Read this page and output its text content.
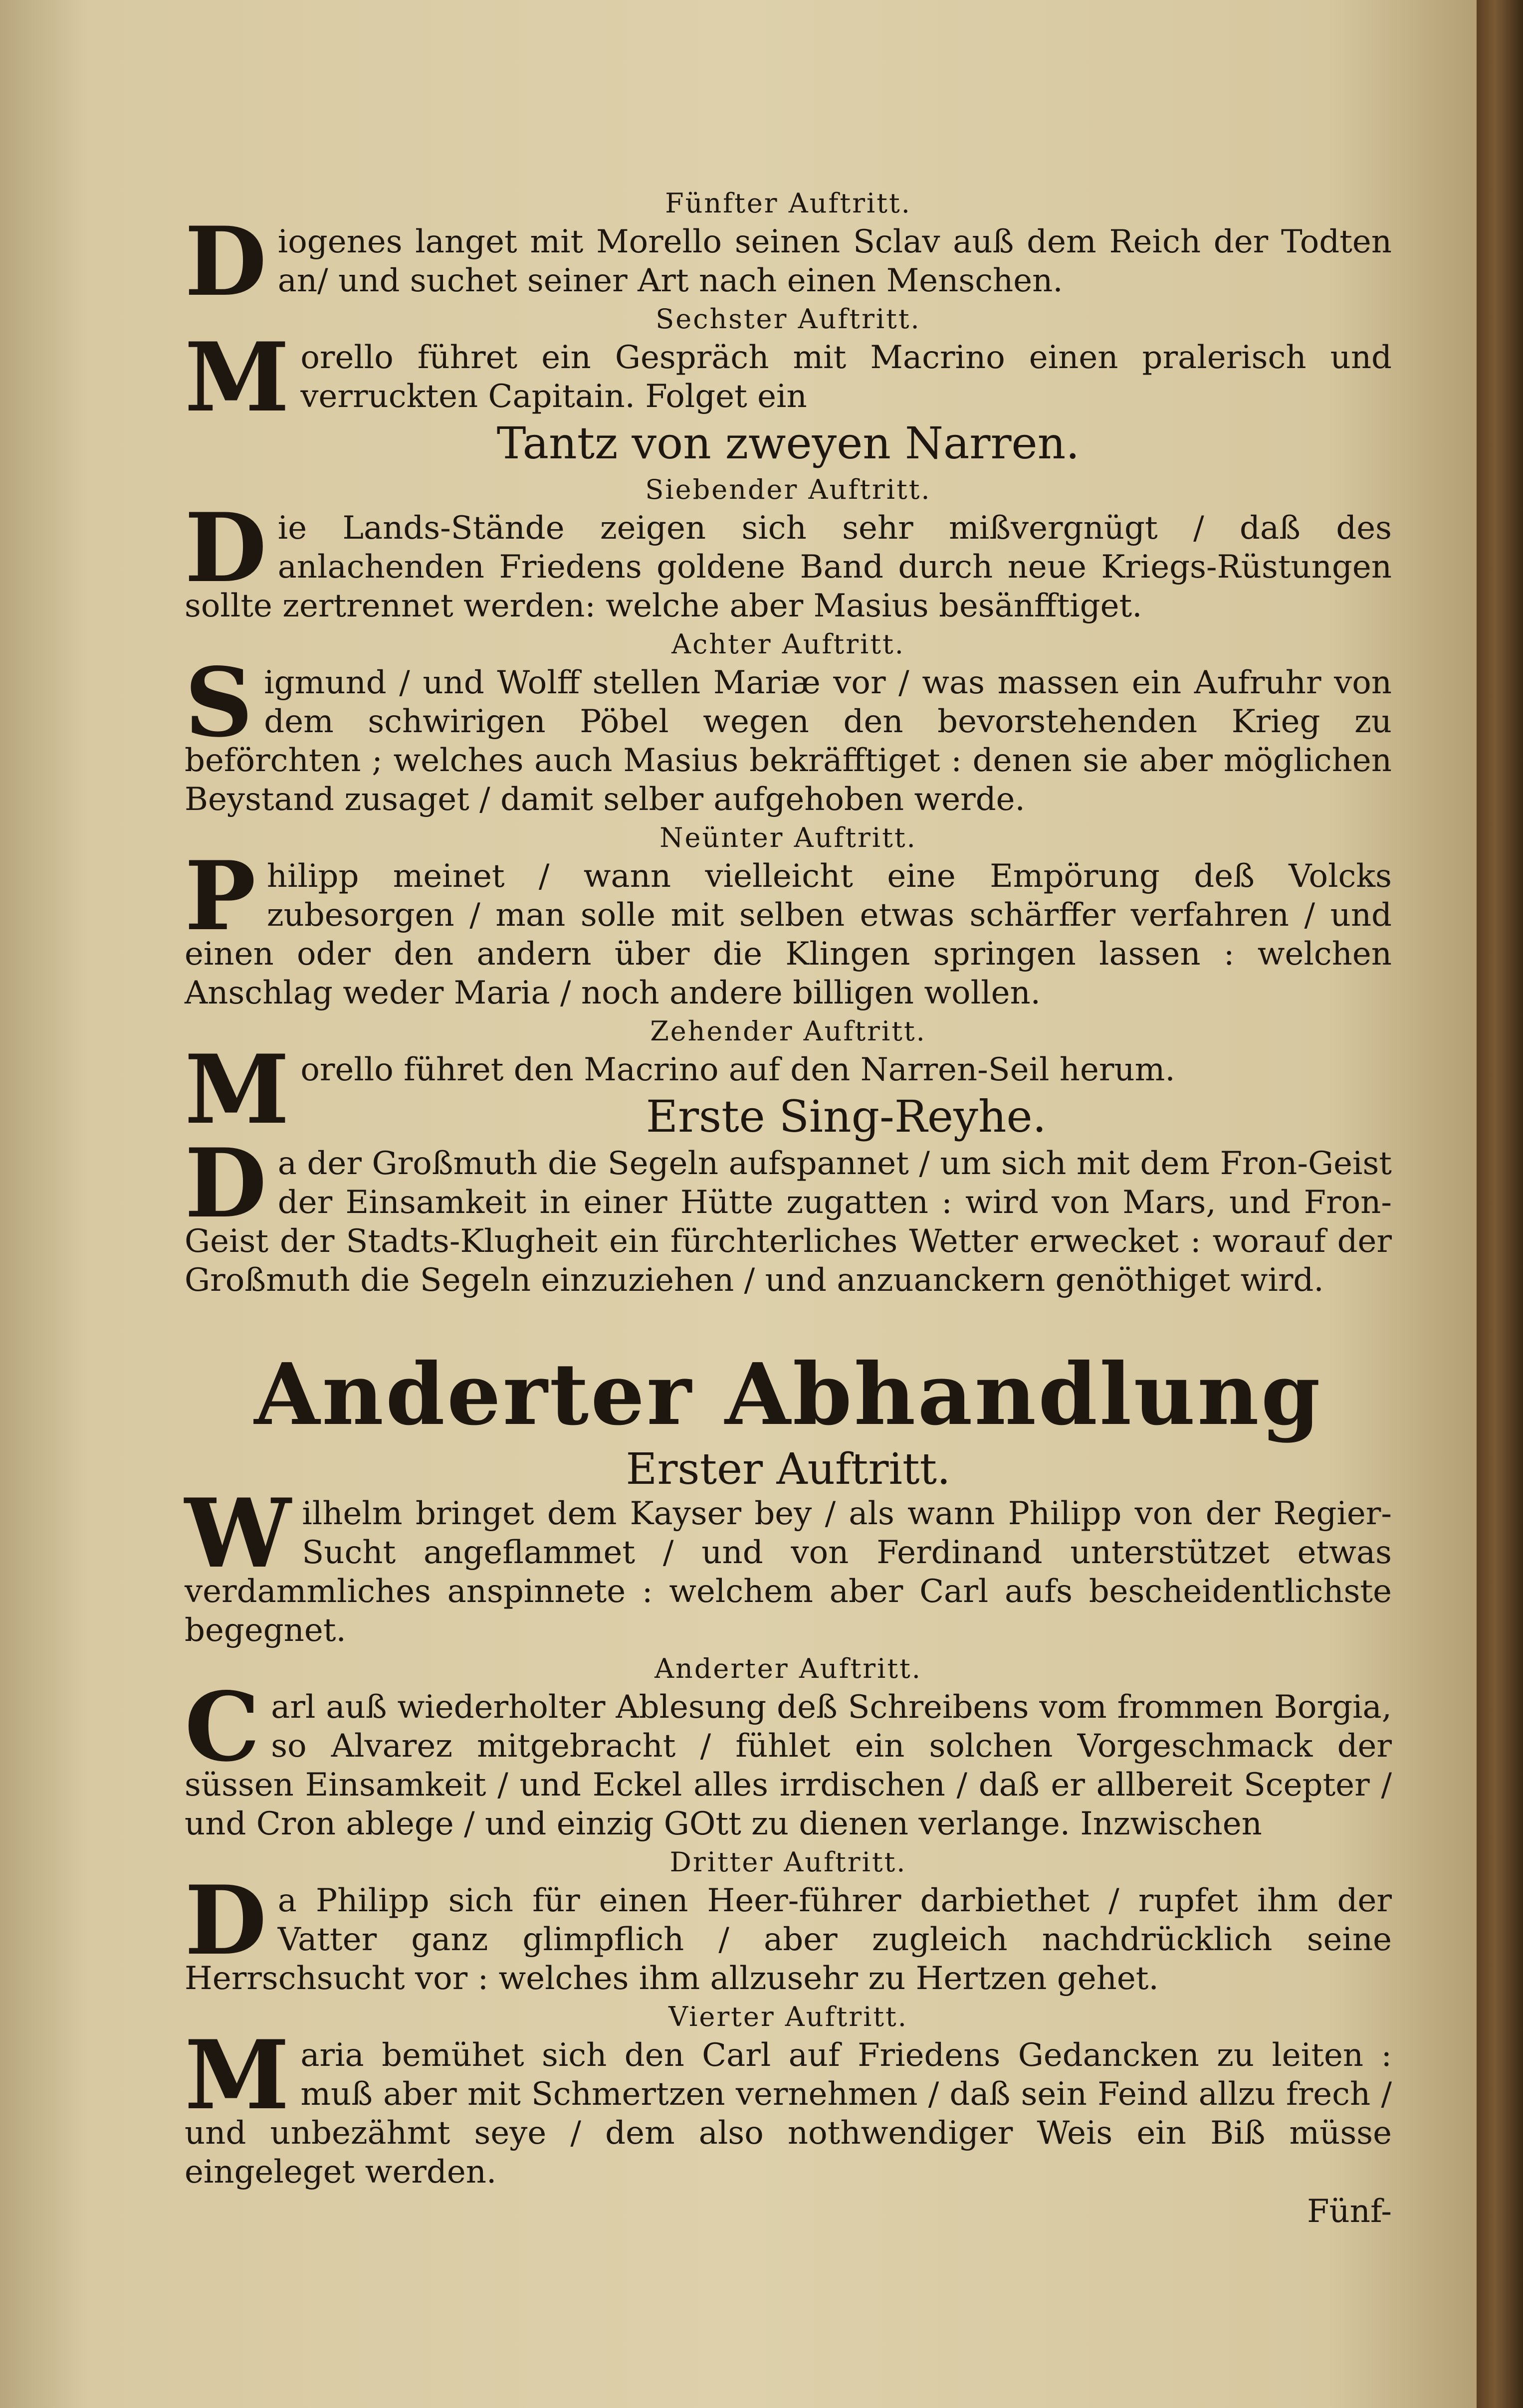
Fünfter Auftritt.
Diogenes langet mit Morello seinen Sclav auß dem Reich der Todten an/ und suchet seiner Art nach einen Menschen.
Sechster Auftritt.
Morello führet ein Gespräch mit Macrino einen pralerisch und verruckten Capitain. Folget ein
Tantz von zweyen Narren.
Siebender Auftritt.
Die Lands-Stände zeigen sich sehr mißvergnügt / daß des anlachenden Friedens goldene Band durch neue Kriegs-Rüstungen sollte zertrennet werden: welche aber Masius besänfftiget.
Achter Auftritt.
Sigmund / und Wolff stellen Mariæ vor / was massen ein Aufruhr von dem schwirigen Pöbel wegen den bevorstehenden Krieg zu beförchten ; welches auch Masius bekräfftiget : denen sie aber möglichen Beystand zusaget / damit selber aufgehoben werde.
Neünter Auftritt.
Philipp meinet / wann vielleicht eine Empörung deß Volcks zubesorgen / man solle mit selben etwas schärffer verfahren / und einen oder den andern über die Klingen springen lassen : welchen Anschlag weder Maria / noch andere billigen wollen.
Zehender Auftritt.
Morello führet den Macrino auf den Narren-Seil herum.
Erste Sing-Reyhe.
Da der Großmuth die Segeln aufspannet / um sich mit dem Fron-Geist der Einsamkeit in einer Hütte zugatten : wird von Mars, und Fron-Geist der Stadts-Klugheit ein fürchterliches Wetter erwecket : worauf der Großmuth die Segeln einzuziehen / und anzuanckern genöthiget wird.
Anderter Abhandlung
Erster Auftritt.
Wilhelm bringet dem Kayser bey / als wann Philipp von der Regier-Sucht angeflammet / und von Ferdinand unterstützet etwas verdammliches anspinnete : welchem aber Carl aufs bescheidentlichste begegnet.
Anderter Auftritt.
Carl auß wiederholter Ablesung deß Schreibens vom frommen Borgia, so Alvarez mitgebracht / fühlet ein solchen Vorgeschmack der süssen Einsamkeit / und Eckel alles irrdischen / daß er allbereit Scepter / und Cron ablege / und einzig GOtt zu dienen verlange. Inzwischen
Dritter Auftritt.
Da Philipp sich für einen Heer-führer darbiethet / rupfet ihm der Vatter ganz glimpflich / aber zugleich nachdrücklich seine Herrschsucht vor : welches ihm allzusehr zu Hertzen gehet.
Vierter Auftritt.
Maria bemühet sich den Carl auf Friedens Gedancken zu leiten : muß aber mit Schmertzen vernehmen / daß sein Feind allzu frech / und unbezähmt seye / dem also nothwendiger Weis ein Biß müsse eingeleget werden.
Fünf-
